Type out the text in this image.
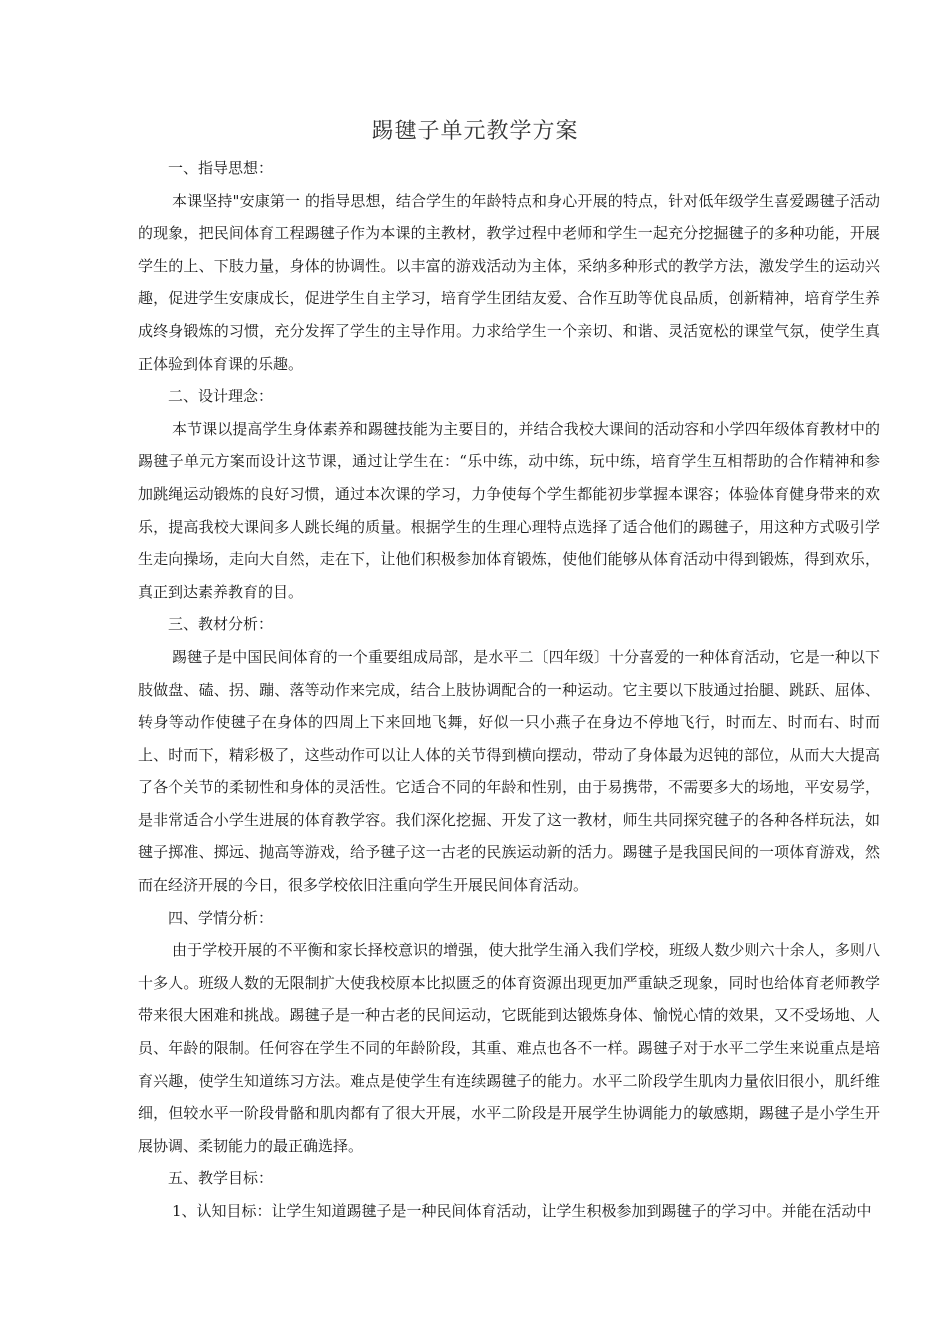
踢毽子单元教学方案

一、指导思想：

本课坚持"安康第一 的指导思想，结合学生的年龄特点和身心开展的特点，针对低年级学生喜爱踢毽子活动的现象，把民间体育工程踢毽子作为本课的主教材，教学过程中老师和学生一起充分挖掘毽子的多种功能，开展学生的上、下肢力量，身体的协调性。以丰富的游戏活动为主体，采纳多种形式的教学方法，激发学生的运动兴趣，促进学生安康成长，促进学生自主学习，培育学生团结友爱、合作互助等优良品质，创新精神，培育学生养成终身锻炼的习惯，充分发挥了学生的主导作用。力求给学生一个亲切、和谐、灵活宽松的课堂气氛，使学生真正体验到体育课的乐趣。

二、设计理念：

本节课以提高学生身体素养和踢毽技能为主要目的，并结合我校大课间的活动容和小学四年级体育教材中的踢毽子单元方案而设计这节课，通过让学生在：“乐中练，动中练，玩中练，培育学生互相帮助的合作精神和参加跳绳运动锻炼的良好习惯，通过本次课的学习，力争使每个学生都能初步掌握本课容；体验体育健身带来的欢乐，提高我校大课间多人跳长绳的质量。根据学生的生理心理特点选择了适合他们的踢毽子，用这种方式吸引学生走向操场，走向大自然，走在下，让他们积极参加体育锻炼，使他们能够从体育活动中得到锻炼，得到欢乐，真正到达素养教育的目。

三、教材分析：

踢毽子是中国民间体育的一个重要组成局部，是水平二〔四年级〕十分喜爱的一种体育活动，它是一种以下肢做盘、磕、拐、蹦、落等动作来完成，结合上肢协调配合的一种运动。它主要以下肢通过抬腿、跳跃、屈体、转身等动作使毽子在身体的四周上下来回地飞舞，好似一只小燕子在身边不停地飞行，时而左、时而右、时而上、时而下，精彩极了，这些动作可以让人体的关节得到横向摆动，带动了身体最为迟钝的部位，从而大大提高了各个关节的柔韧性和身体的灵活性。它适合不同的年龄和性别，由于易携带，不需要多大的场地，平安易学，是非常适合小学生进展的体育教学容。我们深化挖掘、开发了这一教材，师生共同探究毽子的各种各样玩法，如毽子掷准、掷远、抛高等游戏，给予毽子这一古老的民族运动新的活力。踢毽子是我国民间的一项体育游戏，然而在经济开展的今日，很多学校依旧注重向学生开展民间体育活动。

四、学情分析：

由于学校开展的不平衡和家长择校意识的增强，使大批学生涌入我们学校，班级人数少则六十余人，多则八十多人。班级人数的无限制扩大使我校原本比拟匮乏的体育资源出现更加严重缺乏现象，同时也给体育老师教学带来很大困难和挑战。踢毽子是一种古老的民间运动，它既能到达锻炼身体、愉悦心情的效果，又不受场地、人员、年龄的限制。任何容在学生不同的年龄阶段，其重、难点也各不一样。踢毽子对于水平二学生来说重点是培育兴趣，使学生知道练习方法。难点是使学生有连续踢毽子的能力。水平二阶段学生肌肉力量依旧很小，肌纤维细，但较水平一阶段骨骼和肌肉都有了很大开展，水平二阶段是开展学生协调能力的敏感期，踢毽子是小学生开展协调、柔韧能力的最正确选择。

五、教学目标：

1、认知目标：让学生知道踢毽子是一种民间体育活动，让学生积极参加到踢毽子的学习中。并能在活动中
